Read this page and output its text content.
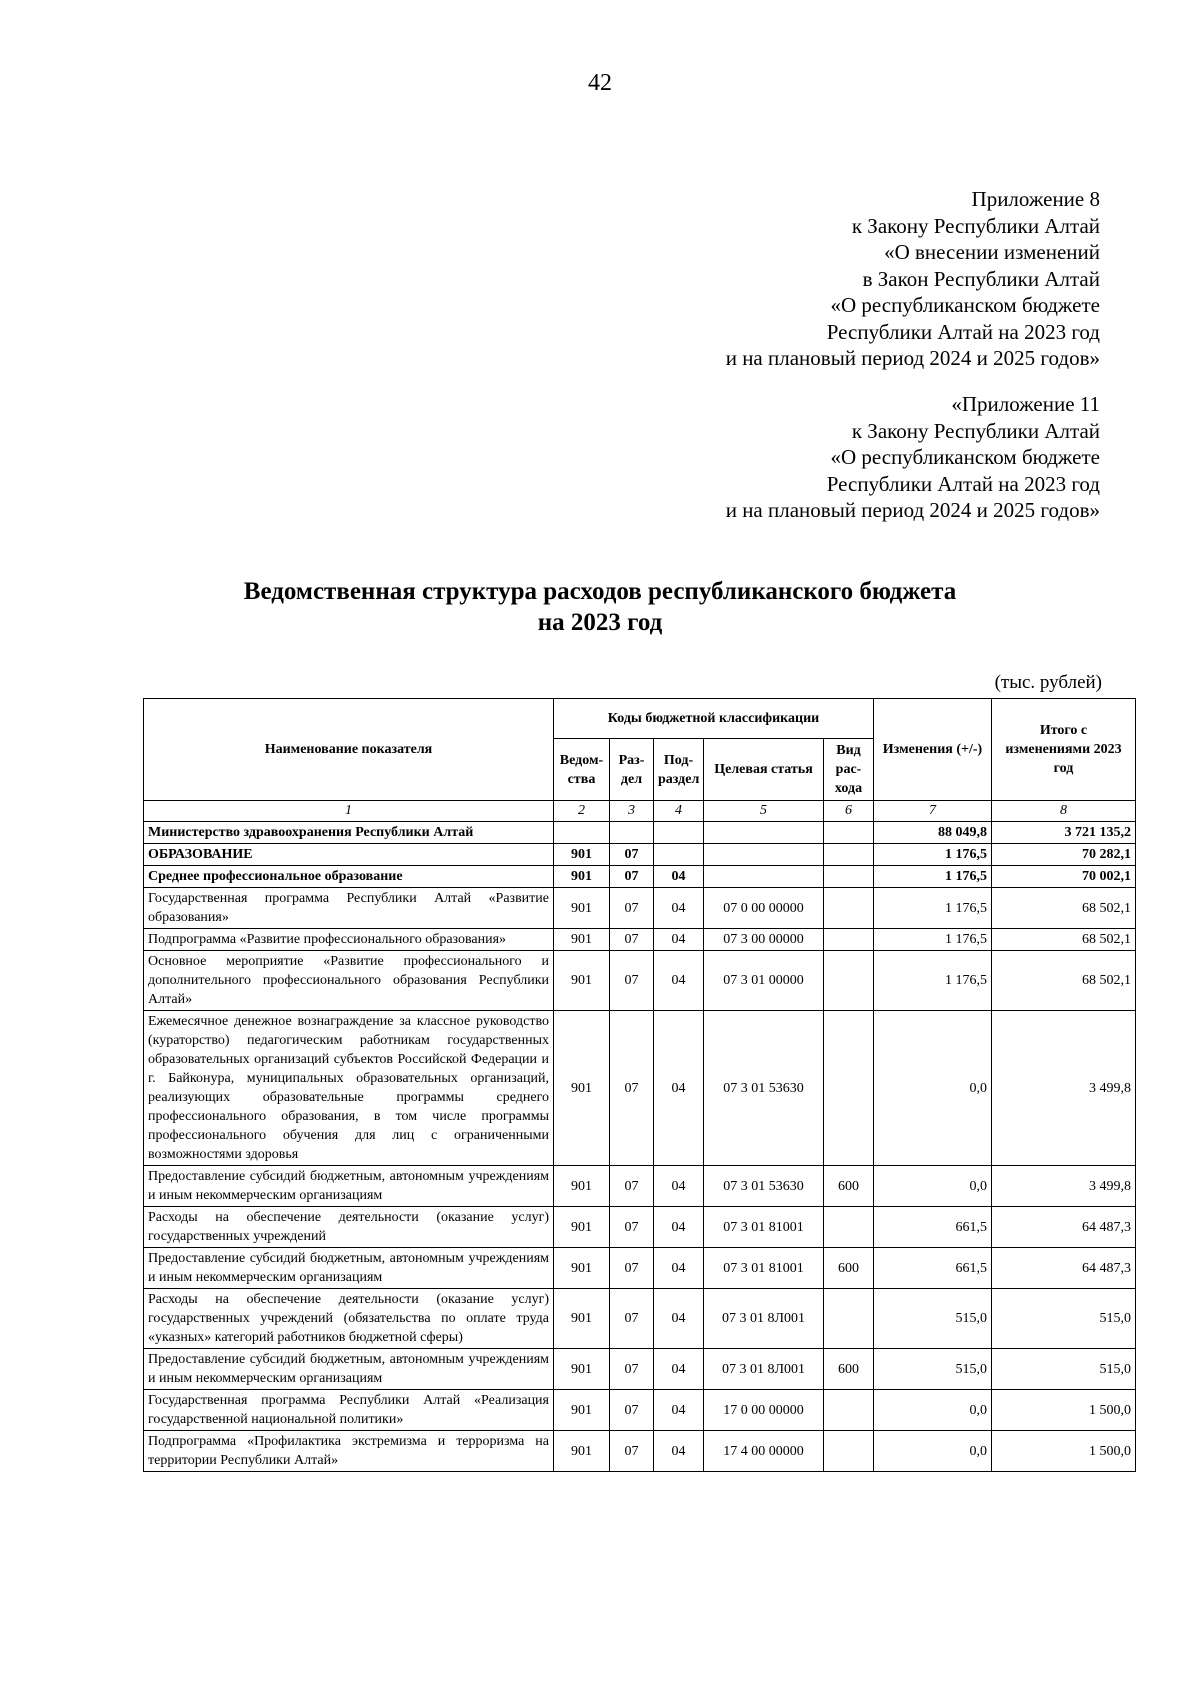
42
Приложение 8
к Закону Республики Алтай
«О внесении изменений
в Закон Республики Алтай
«О республиканском бюджете
Республики Алтай на 2023 год
и на плановый период 2024 и 2025 годов»
«Приложение 11
к Закону Республики Алтай
«О республиканском бюджете
Республики Алтай на 2023 год
и на плановый период 2024 и 2025 годов»
Ведомственная структура расходов республиканского бюджета
на 2023 год
(тыс. рублей)
Наименование показателя	Коды бюджетной классификации					Изменения (+/-)	Итого с изменениями 2023 год
	Ведом-ства	Раз-дел	Под-раздел	Целевая статья	Вид рас-хода		
1	2	3	4	5	6	7	8
Министерство здравоохранения Республики Алтай						88 049,8	3 721 135,2
ОБРАЗОВАНИЕ	901	07				1 176,5	70 282,1
Среднее профессиональное образование	901	07	04			1 176,5	70 002,1
Государственная программа Республики Алтай «Развитие образования»	901	07	04	07 0 00 00000		1 176,5	68 502,1
Подпрограмма «Развитие профессионального образования»	901	07	04	07 3 00 00000		1 176,5	68 502,1
Основное мероприятие «Развитие профессионального и дополнительного профессионального образования Республики Алтай»	901	07	04	07 3 01 00000		1 176,5	68 502,1
Ежемесячное денежное вознаграждение за классное руководство (кураторство) педагогическим работникам государственных образовательных организаций субъектов Российской Федерации и г. Байконура, муниципальных образовательных организаций, реализующих образовательные программы среднего профессионального образования, в том числе программы профессионального обучения для лиц с ограниченными возможностями здоровья	901	07	04	07 3 01 53630		0,0	3 499,8
Предоставление субсидий бюджетным, автономным учреждениям и иным некоммерческим организациям	901	07	04	07 3 01 53630	600	0,0	3 499,8
Расходы на обеспечение деятельности (оказание услуг) государственных учреждений	901	07	04	07 3 01 81001		661,5	64 487,3
Предоставление субсидий бюджетным, автономным учреждениям и иным некоммерческим организациям	901	07	04	07 3 01 81001	600	661,5	64 487,3
Расходы на обеспечение деятельности (оказание услуг) государственных учреждений (обязательства по оплате труда «указных» категорий работников бюджетной сферы)	901	07	04	07 3 01 8Л001		515,0	515,0
Предоставление субсидий бюджетным, автономным учреждениям и иным некоммерческим организациям	901	07	04	07 3 01 8Л001	600	515,0	515,0
Государственная программа Республики Алтай «Реализация государственной национальной политики»	901	07	04	17 0 00 00000		0,0	1 500,0
Подпрограмма «Профилактика экстремизма и терроризма на территории Республики Алтай»	901	07	04	17 4 00 00000		0,0	1 500,0
